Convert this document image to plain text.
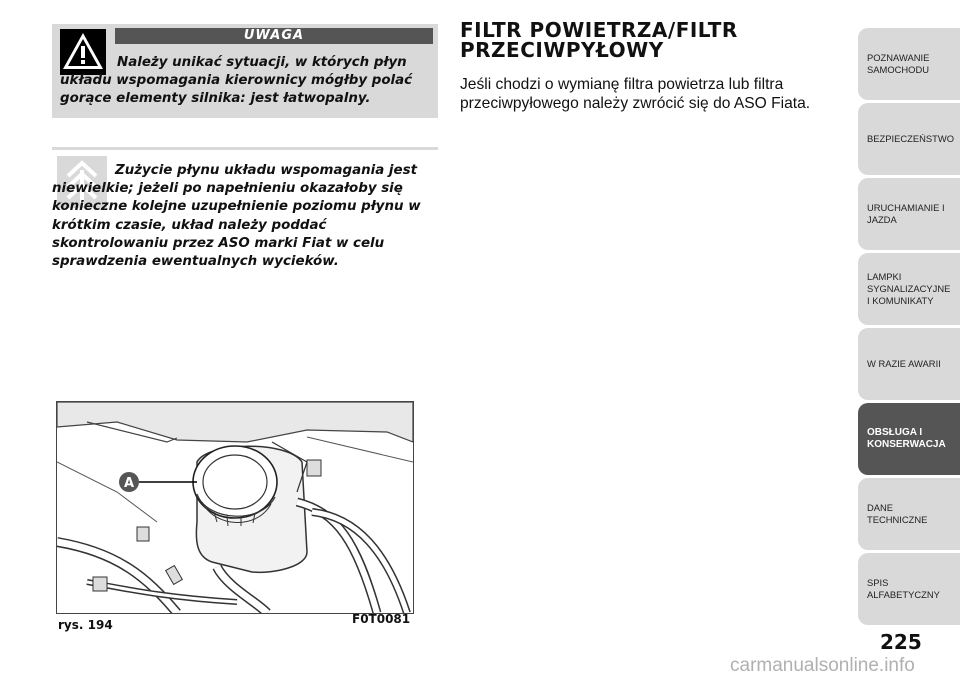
UWAGA
Należy unikać sytuacji, w których płyn układu wspomagania kierownicy mógłby polać gorące elementy silnika: jest łatwopalny.
Zużycie płynu układu wspomagania jest niewielkie; jeżeli po napełnieniu okazałoby się konieczne kolejne uzupełnienie poziomu płynu w krótkim czasie, układ należy poddać skontrolowaniu przez ASO marki Fiat w celu sprawdzenia ewentualnych wycieków.
A
rys. 194	F0T0081
FILTR POWIETRZA/FILTR PRZECIWPYŁOWY
Jeśli chodzi o wymianę filtra powietrza lub filtra przeciwpyłowego należy zwrócić się do ASO Fiata.
POZNAWANIE SAMOCHODU
BEZPIECZEŃSTWO
URUCHAMIANIE I JAZDA
LAMPKI SYGNALIZACYJNE I KOMUNIKATY
W RAZIE AWARII
OBSŁUGA I KONSERWACJA
DANE TECHNICZNE
SPIS ALFABETYCZNY
225
carmanualsonline.info
